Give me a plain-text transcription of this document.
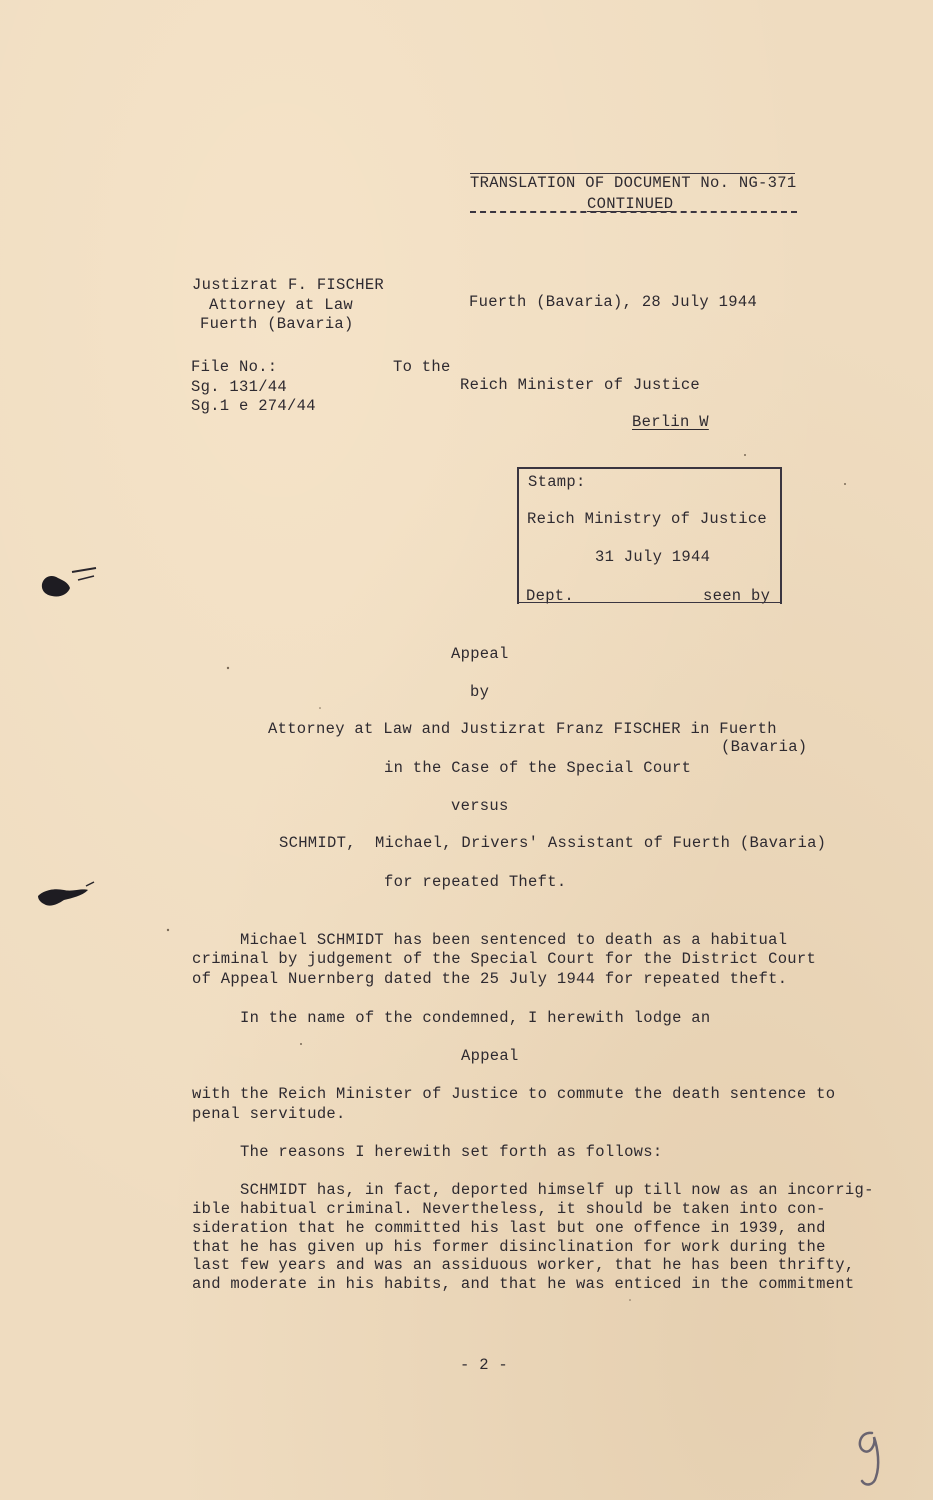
TRANSLATION OF DOCUMENT No. NG-371
CONTINUED
Justizrat F. FISCHER
Attorney at Law
Fuerth (Bavaria)
Fuerth (Bavaria), 28 July 1944
File No.:
Sg. 131/44
Sg.1 e 274/44
To the
Reich Minister of Justice
Berlin W
Stamp:
Reich Ministry of Justice
31 July 1944
Dept.	seen by
Appeal
by
Attorney at Law and Justizrat Franz FISCHER in Fuerth
(Bavaria)
in the Case of the Special Court
versus
SCHMIDT,  Michael, Drivers' Assistant of Fuerth (Bavaria)
for repeated Theft.
Michael SCHMIDT has been sentenced to death as a habitual
criminal by judgement of the Special Court for the District Court
of Appeal Nuernberg dated the 25 July 1944 for repeated theft.
In the name of the condemned, I herewith lodge an
Appeal
with the Reich Minister of Justice to commute the death sentence to
penal servitude.
The reasons I herewith set forth as follows:
SCHMIDT has, in fact, deported himself up till now as an incorrig-
ible habitual criminal. Nevertheless, it should be taken into con-
sideration that he committed his last but one offence in 1939, and
that he has given up his former disinclination for work during the
last few years and was an assiduous worker, that he has been thrifty,
and moderate in his habits, and that he was enticed in the commitment
- 2 -
